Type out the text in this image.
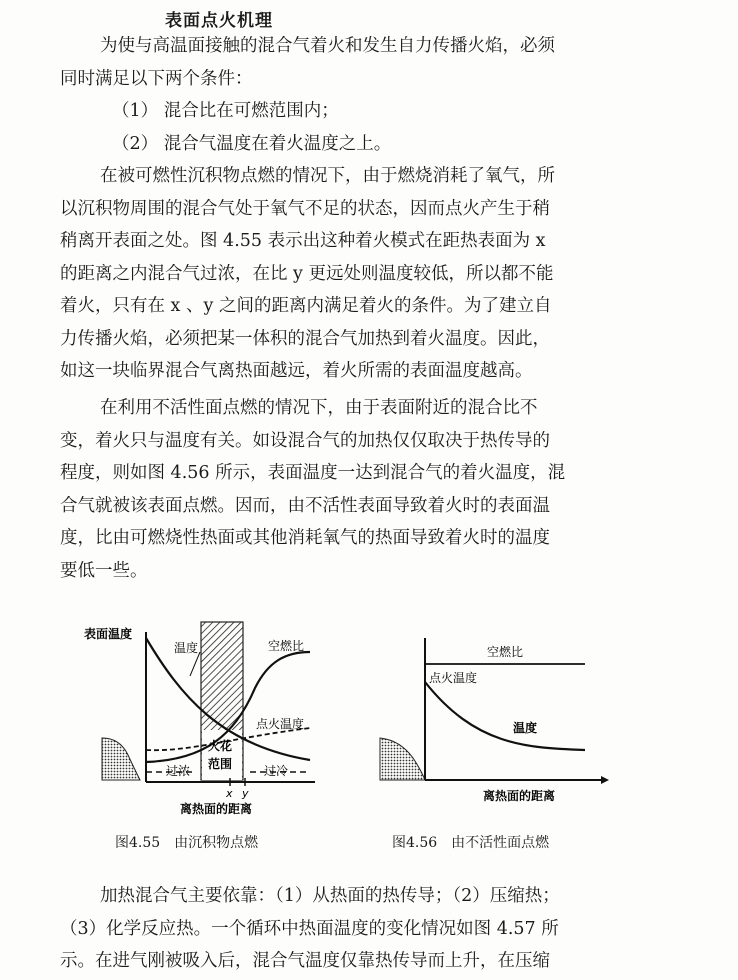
表面点火机理
为使与高温面接触的混合气着火和发生自力传播火焰，必须
同时满足以下两个条件：
（1） 混合比在可燃范围内；
（2） 混合气温度在着火温度之上。
在被可燃性沉积物点燃的情况下，由于燃烧消耗了氧气，所
以沉积物周围的混合气处于氧气不足的状态，因而点火产生于稍
稍离开表面之处。图 4.55 表示出这种着火模式在距热表面为 x
的距离之内混合气过浓，在比 y 更远处则温度较低，所以都不能
着火，只有在 x 、y 之间的距离内满足着火的条件。为了建立自
力传播火焰，必须把某一体积的混合气加热到着火温度。因此，
如这一块临界混合气离热面越远，着火所需的表面温度越高。
在利用不活性面点燃的情况下，由于表面附近的混合比不
变，着火只与温度有关。如设混合气的加热仅仅取决于热传导的
程度，则如图 4.56 所示，表面温度一达到混合气的着火温度，混
合气就被该表面点燃。因而，由不活性表面导致着火时的表面温
度，比由可燃烧性热面或其他消耗氧气的热面导致着火时的温度
要低一些。
表面温度
温度	空燃比
点火温度
火花
范围
过浓	过冷
x y
离热面的距离
空燃比
点火温度
温度
离热面的距离
图4.55　由沉积物点燃	图4.56　由不活性面点燃
加热混合气主要依靠：（1）从热面的热传导；（2）压缩热；
（3）化学反应热。一个循环中热面温度的变化情况如图 4.57 所
示。在进气刚被吸入后，混合气温度仅靠热传导而上升，在压缩
